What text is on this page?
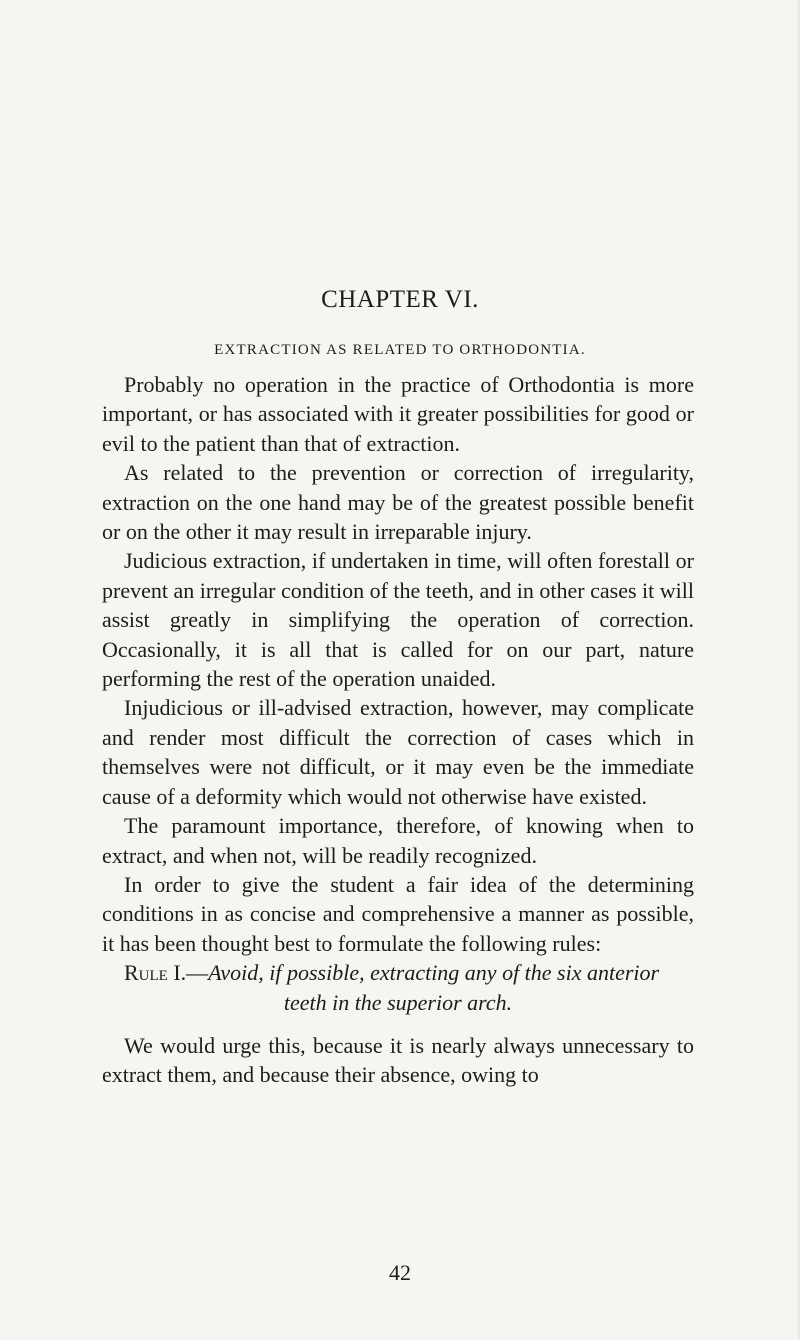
CHAPTER VI.
EXTRACTION AS RELATED TO ORTHODONTIA.

Probably no operation in the practice of Orthodontia is more important, or has associated with it greater possibilities for good or evil to the patient than that of extraction.

As related to the prevention or correction of irregularity, extraction on the one hand may be of the greatest possible benefit or on the other it may result in irreparable injury.

Judicious extraction, if undertaken in time, will often forestall or prevent an irregular condition of the teeth, and in other cases it will assist greatly in simplifying the operation of correction. Occasionally, it is all that is called for on our part, nature performing the rest of the operation unaided.

Injudicious or ill-advised extraction, however, may complicate and render most difficult the correction of cases which in themselves were not difficult, or it may even be the immediate cause of a deformity which would not otherwise have existed.

The paramount importance, therefore, of knowing when to extract, and when not, will be readily recognized.

In order to give the student a fair idea of the determining conditions in as concise and comprehensive a manner as possible, it has been thought best to formulate the following rules:

Rule I.—Avoid, if possible, extracting any of the six anterior
teeth in the superior arch.

We would urge this, because it is nearly always unnecessary to extract them, and because their absence, owing to

42
